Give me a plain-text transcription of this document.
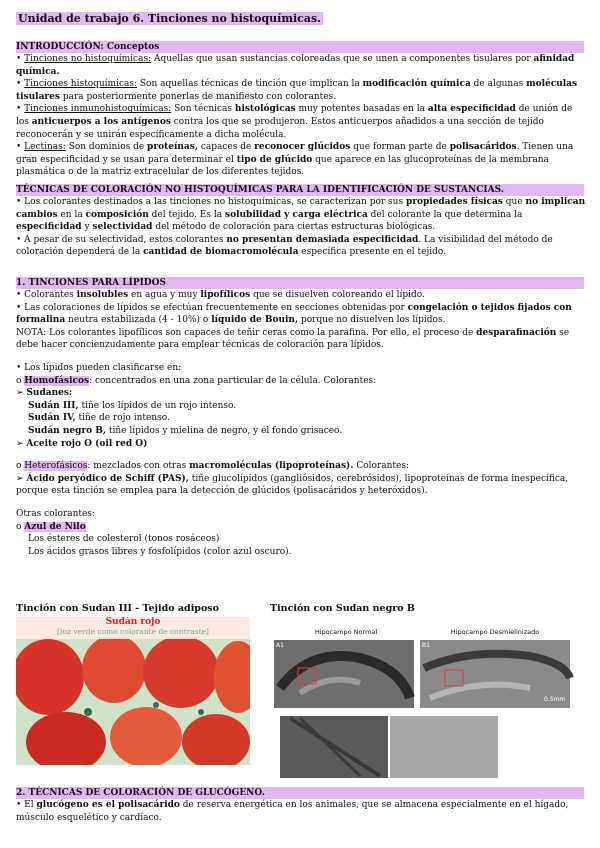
Unidad de trabajo 6. Tinciones no histoquímicas.
INTRODUCCIÓN: Conceptos
• Tinciones no histoquímicas: Aquellas que usan sustancias coloreadas que se unen a componentes tisulares por afinidad química.
• Tinciones histoquímicas: Son aquellas técnicas de tinción que implican la modificación química de algunas moléculas tisulares para posteriormente ponerlas de manifiesto con colorantes.
• Tinciones inmunohistoquímicas: Son técnicas histológicas muy potentes basadas en la alta especificidad de unión de los anticuerpos a los antígenos contra los que se produjeron. Estos anticuerpos añadidos a una sección de tejido reconocerán y se unirán específicamente a dicha molécula.
• Lectinas: Son dominios de proteínas, capaces de reconocer glúcidos que forman parte de polisacáridos. Tienen una gran especificidad y se usan para determinar el tipo de glúcido que aparece en las glucoproteínas de la membrana plasmática o de la matriz extracelular de los diferentes tejidos.
TÉCNICAS DE COLORACIÓN NO HISTOQUÍMICAS PARA LA IDENTIFICACIÓN DE SUSTANCIAS.
• Los colorantes destinados a las tinciones no histoquímicas, se caracterizan por sus propiedades físicas que no implican cambios en la composición del tejido. Es la solubilidad y carga eléctrica del colorante la que determina la especificidad y selectividad del método de coloración para ciertas estructuras biológicas.
• A pesar de su selectividad, estos colorantes no presentan demasiada especificidad. La visibilidad del método de coloración dependerá de la cantidad de biomacromolécula específica presente en el tejido.
1. TINCIONES PARA LÍPIDOS
• Colorantes insolubles en agua y muy lipofílicos que se disuelven coloreando el lípido.
• Las coloraciones de lípidos se efectúan frecuentemente en secciones obtenidas por congelación o tejidos fijados con formalina neutra estabilizada (4 - 10%) o líquido de Bouin, porque no disuelven los lípidos.
NOTA: Los colorantes lipofílicos son capaces de teñir ceras como la parafina. Por ello, el proceso de desparafinación se debe hacer concienzudamente para emplear técnicas de coloración para lípidos.
• Los lípidos pueden clasificarse en:
o Homofásicos: concentrados en una zona particular de la célula. Colorantes:
➢ Sudanes:
Sudán III, tiñe los lípidos de un rojo intenso.
Sudán IV, tiñe de rojo intenso.
Sudán negro B, tiñe lípidos y mielina de negro, y el fondo grisaceo.
➢ Aceite rojo O (oil red O)
o Heterofásicos: mezclados con otras macromoléculas (lipoproteínas). Colorantes:
➢ Ácido peryódico de Schiff (PAS), tiñe glucolípidos (gangliósidos, cerebrósidos), lipoproteínas de forma inespecífica, porque esta tinción se emplea para la detección de glúcidos (polisacáridos y heteróxidos).
Otras colorantes:
o Azul de Nilo
Los ésteres de colesterol (tonos rosáceos)
Los ácidos grasos libres y fosfolípidos (color azul oscuro).
Tinción con Sudan III - Tejido adiposo	Tinción con Sudan negro B
Sudán rojo
[luz verde como colorante de contraste]	Hipocampo Normal	Hipocampo Desmielinizado
A1	B1
0.5mm
2. TÉCNICAS DE COLORACIÓN DE GLUCÓGENO.
• El glucógeno es el polisacárido de reserva energética en los animales, que se almacena especialmente en el hígado, músculo esquelético y cardíaco.
